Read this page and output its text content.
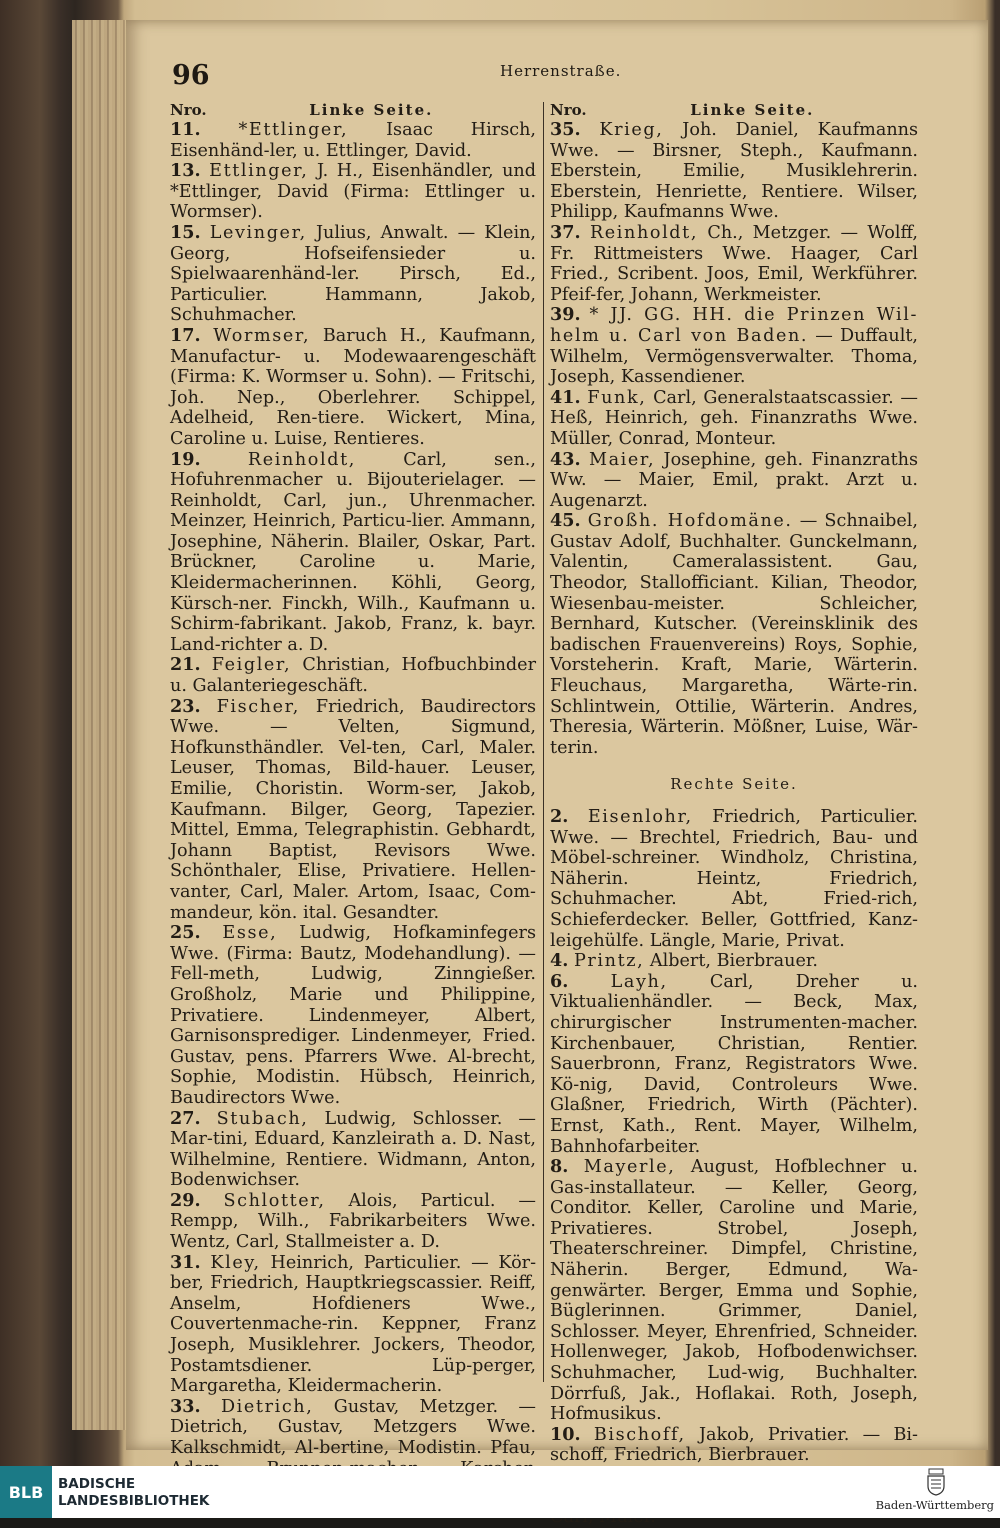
96	Herrenstraße.
Nro.	Linke Seite.
11. *Ettlinger, Isaac Hirsch, Eisenhänd-ler, u. Ettlinger, David.
13. Ettlinger, J. H., Eisenhändler, und *Ettlinger, David (Firma: Ettlinger u. Wormser).
15. Levinger, Julius, Anwalt. — Klein, Georg, Hofseifensieder u. Spielwaarenhänd-ler. Pirsch, Ed., Particulier. Hammann, Jakob, Schuhmacher.
17. Wormser, Baruch H., Kaufmann, Manufactur- u. Modewaarengeschäft (Firma: K. Wormser u. Sohn). — Fritschi, Joh. Nep., Oberlehrer. Schippel, Adelheid, Ren-tiere. Wickert, Mina, Caroline u. Luise, Rentieres.
19.	Reinholdt,	Carl, sen., Hofuhrenmacher u. Bijouterielager. — Reinholdt, Carl, jun., Uhrenmacher. Meinzer, Heinrich, Particu-lier. Ammann, Josephine, Näherin. Blailer, Oskar, Part. Brückner, Caroline u. Marie, Kleidermacherinnen. Köhli, Georg, Kürsch-ner. Finckh, Wilh., Kaufmann u. Schirm-fabrikant. Jakob, Franz, k. bayr. Land-richter a. D.
21. Feigler, Christian, Hofbuchbinder u. Galanteriegeschäft.
23. Fischer, Friedrich, Baudirectors Wwe. — Velten, Sigmund, Hofkunsthändler. Vel-ten, Carl, Maler. Leuser, Thomas, Bild-hauer. Leuser, Emilie, Choristin. Worm-ser, Jakob, Kaufmann. Bilger, Georg, Tapezier. Mittel, Emma, Telegraphistin. Gebhardt, Johann Baptist, Revisors Wwe. Schönthaler, Elise, Privatiere. Hellen-vanter, Carl, Maler. Artom, Isaac, Com-mandeur, kön. ital. Gesandter.
25. Esse, Ludwig, Hofkaminfegers Wwe. (Firma: Bautz, Modehandlung). — Fell-meth, Ludwig, Zinngießer. Großholz, Marie und Philippine, Privatiere. Lindenmeyer, Albert, Garnisonsprediger. Lindenmeyer, Fried. Gustav, pens. Pfarrers Wwe. Al-brecht, Sophie, Modistin. Hübsch, Heinrich, Baudirectors Wwe.
27. Stubach, Ludwig, Schlosser. — Mar-tini, Eduard, Kanzleirath a. D. Nast, Wilhelmine, Rentiere. Widmann, Anton, Bodenwichser.
29. Schlotter, Alois, Particul. — Rempp, Wilh., Fabrikarbeiters Wwe. Wentz, Carl, Stallmeister a. D.
31. Kley, Heinrich, Particulier. — Kör-ber, Friedrich, Hauptkriegscassier. Reiff, Anselm, Hofdieners Wwe., Couvertenmache-rin. Keppner, Franz Joseph, Musiklehrer. Jockers, Theodor, Postamtsdiener. Lüp-perger, Margaretha, Kleidermacherin.
33. Dietrich, Gustav, Metzger. — Dietrich, Gustav, Metzgers Wwe. Kalkschmidt, Al-bertine, Modistin. Pfau,
Nro.	Linke Seite.
35. Krieg, Joh. Daniel, Kaufmanns Wwe. — Birsner, Steph., Kaufmann. Eberstein, Emilie, Musiklehrerin. Eberstein, Henriette, Rentiere. Wilser, Philipp, Kaufmanns Wwe.
37. Reinholdt, Ch., Metzger. — Wolff, Fr. Rittmeisters Wwe. Haager, Carl Fried., Scribent. Joos, Emil, Werkführer. Pfeif-fer, Johann, Werkmeister.
39. * JJ. GG. HH. die Prinzen Wil-helm u. Carl von Baden. — Duffault, Wilhelm, Vermögensverwalter. Thoma, Joseph, Kassendiener.
41. Funk, Carl, Generalstaatscassier. — Heß, Heinrich, geh. Finanzraths Wwe. Müller, Conrad, Monteur.
43. Maier, Josephine, geh. Finanzraths Ww. — Maier, Emil, prakt. Arzt u. Augenarzt.
45. Großh. Hofdomäne. — Schnaibel, Gustav Adolf, Buchhalter. Gunckelmann, Valentin, Cameralassistent. Gau, Theodor, Stallofficiant. Kilian, Theodor, Wiesenbau-meister. Schleicher, Bernhard, Kutscher. (Vereinsklinik des badischen Frauenvereins) Roys, Sophie, Vorsteherin. Kraft, Marie, Wärterin. Fleuchaus, Margaretha, Wärte-rin. Schlintwein, Ottilie, Wärterin. Andres, Theresia, Wärterin. Mößner, Luise, Wär-terin.
Rechte Seite.
2. Eisenlohr, Friedrich, Particulier. Wwe. — Brechtel, Friedrich, Bau- und Möbel-schreiner. Windholz, Christina, Näherin. Heintz, Friedrich, Schuhmacher. Abt, Fried-rich, Schieferdecker. Beller, Gottfried, Kanz-leigehülfe. Längle, Marie, Privat.
4. Printz, Albert, Bierbrauer.
6. Layh, Carl, Dreher u. Viktualienhändler. — Beck, Max, chirurgischer Instrumenten-macher. Kirchenbauer, Christian, Rentier. Sauerbronn, Franz, Registrators Wwe. Kö-nig, David, Controleurs Wwe. Glaßner, Friedrich, Wirth (Pächter). Ernst, Kath., Rent. Mayer, Wilhelm, Bahnhofarbeiter.
8. Mayerle, August, Hofblechner u. Gas-installateur. — Keller, Georg, Conditor. Keller, Caroline und Marie, Privatieres. Strobel, Joseph, Theaterschreiner. Dimpfel, Christine, Näherin. Berger, Edmund, Wa-genwärter. Berger, Emma und Sophie, Büglerinnen. Grimmer, Daniel, Schlosser. Meyer, Ehrenfried, Schneider. Hollenweger, Jakob, Hofbodenwichser. Schuhmacher, Lud-wig, Buchhalter. Dörrfuß, Jak., Hoflakai. Roth, Joseph, Hofmusikus.
10. Bischoff, Jakob, Privatier. — Bi-schoff, Friedrich, Bierbrauer.
BLB	BADISCHE
LANDESBIBLIOTHEK	Baden-Württemberg
